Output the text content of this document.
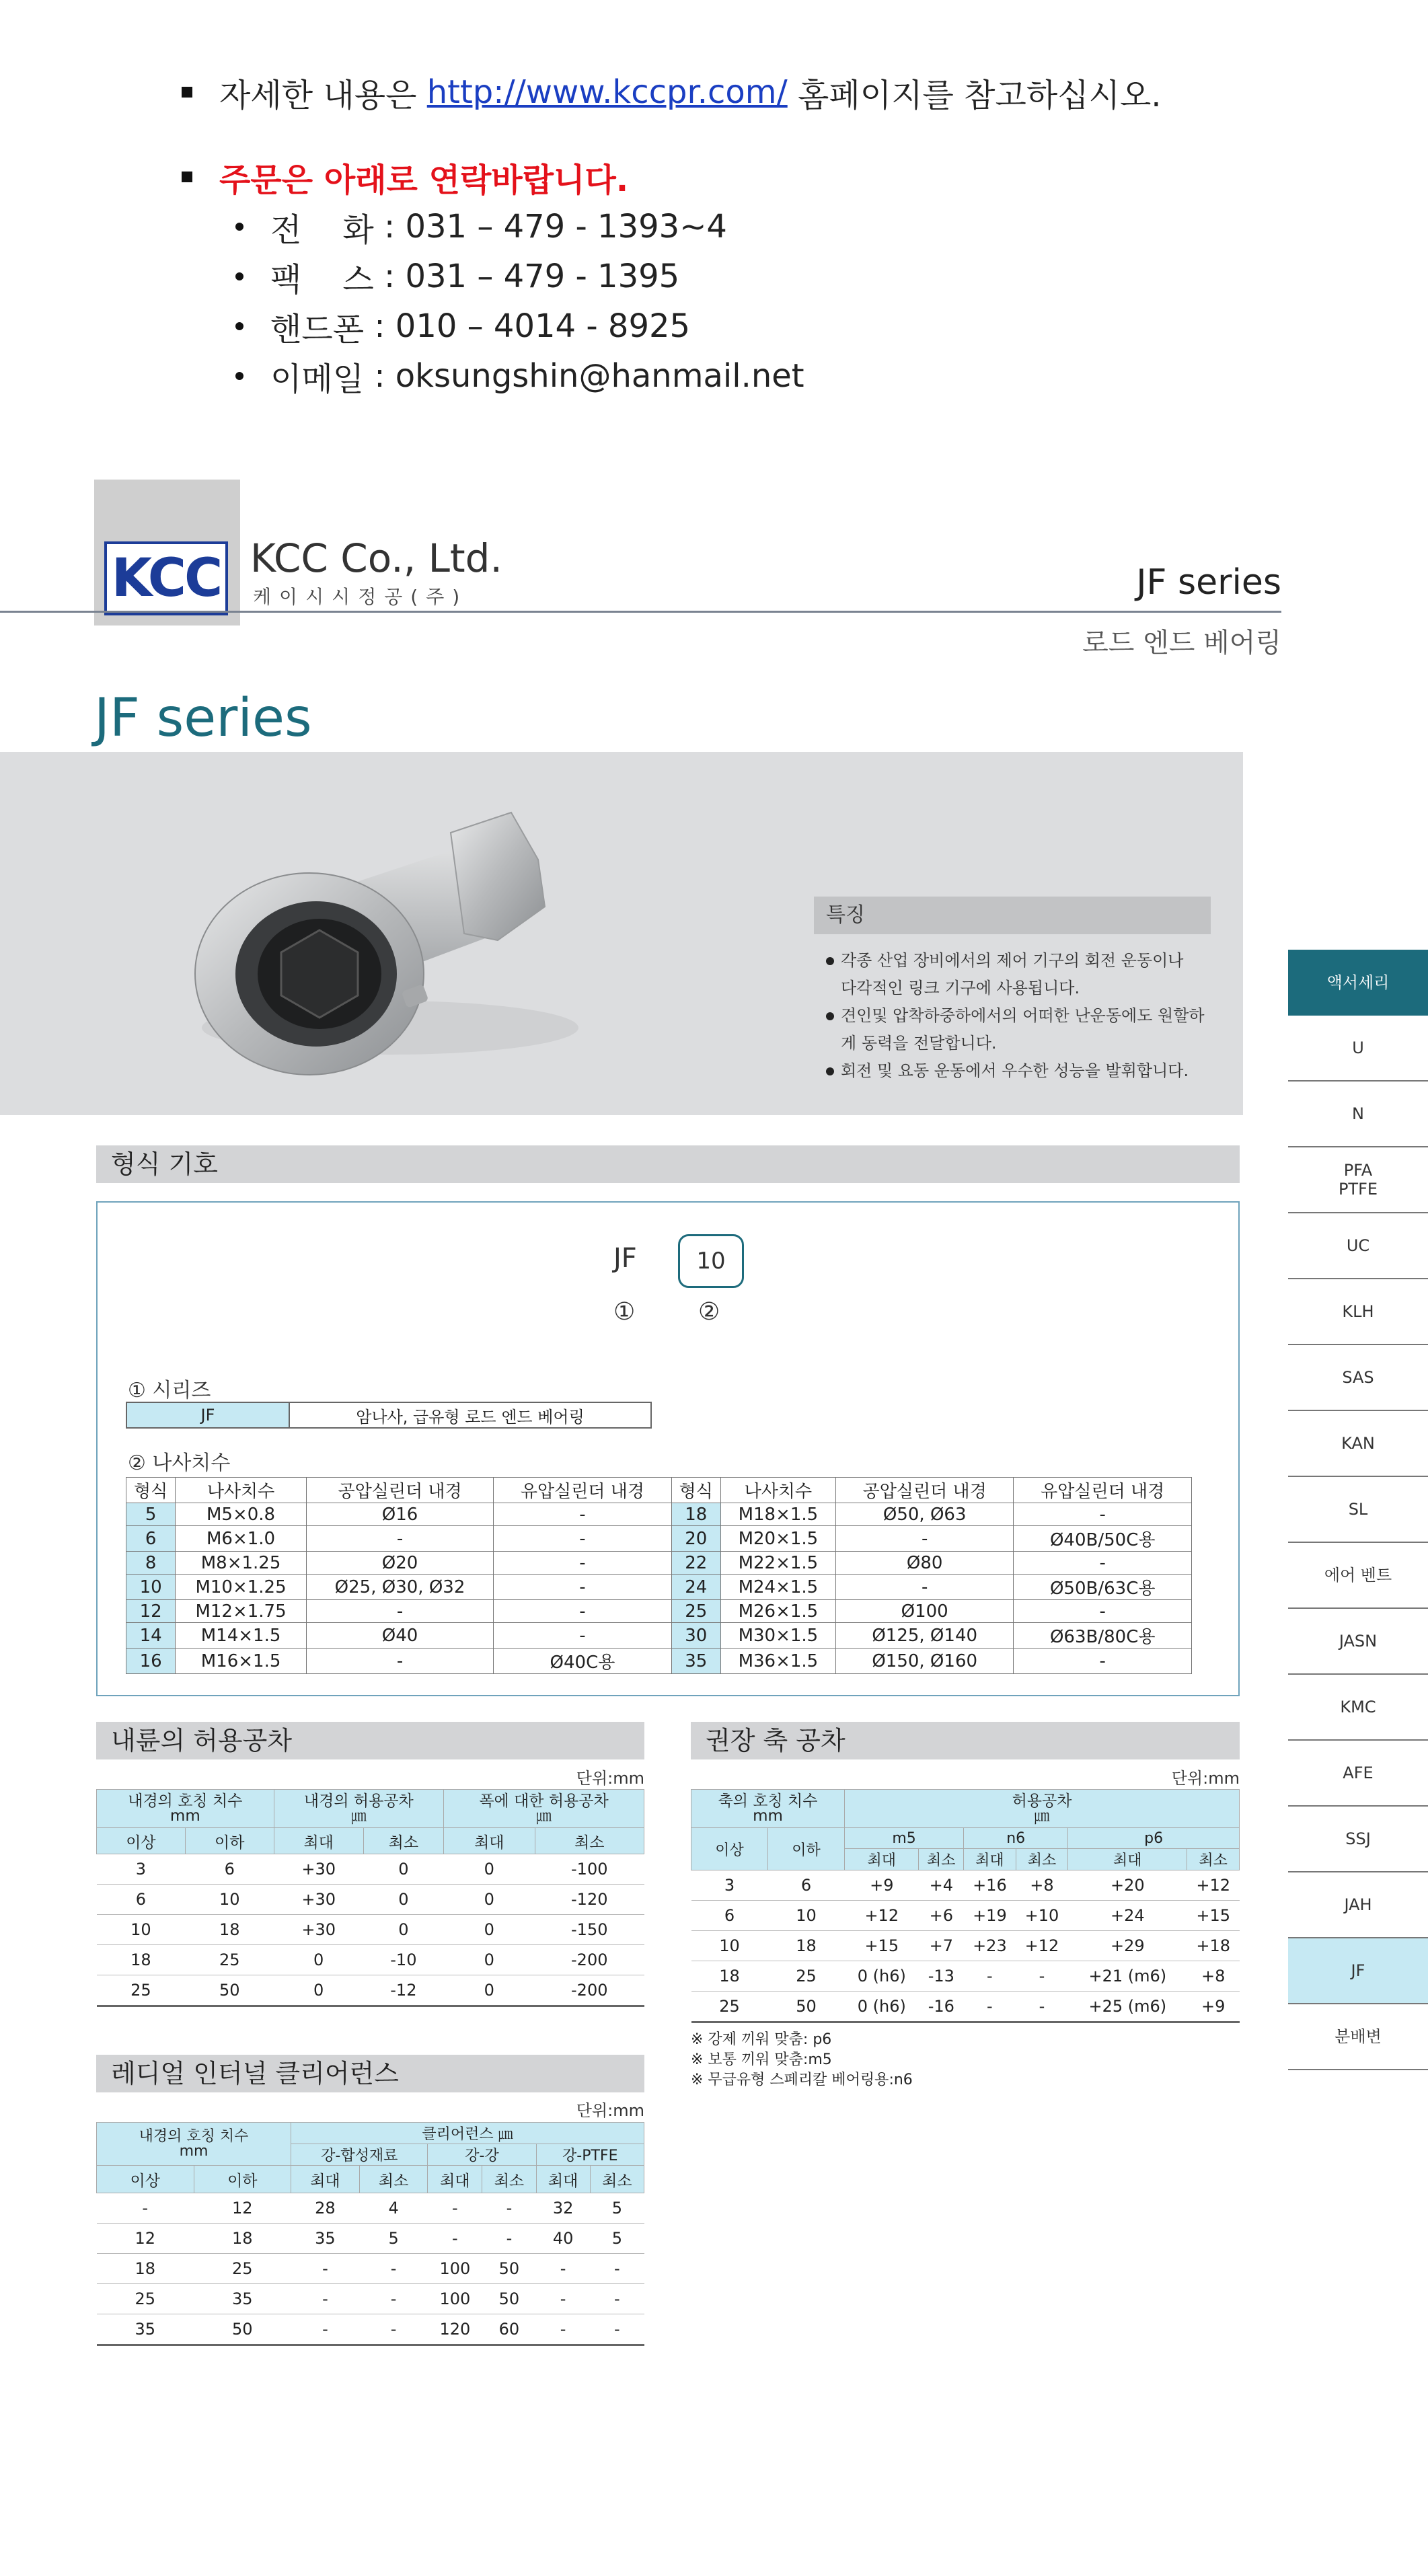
자세한 내용은
http://www.kccpr.com/
홈페이지를 참고하십시오.
주문은 아래로 연락바랍니다.
전    화 : 031 – 479 - 1393~4
팩    스 : 031 – 479 - 1395
핸드폰 : 010 – 4014 - 8925
이메일 : oksungshin@hanmail.net
KCC KCC Co., Ltd.
케이시시정공(주)	JF series
로드 엔드 베어링
JF series
특징
각종 산업 장비에서의 제어 기구의 회전 운동이나
다각적인 링크 기구에 사용됩니다.
견인및 압착하중하에서의 어떠한 난운동에도 원할하
게 동력을 전달합니다.
회전 및 요동 운동에서 우수한 성능을 발휘합니다.
형식 기호
JF	10
①	②
① 시리즈
JF	암나사, 급유형 로드 엔드 베어링
② 나사치수
형식	나사치수	공압실린더 내경	유압실린더 내경	형식	나사치수	공압실린더 내경	유압실린더 내경
5	M5×0.8	Ø16	-	18	M18×1.5	Ø50, Ø63	-
6	M6×1.0	-	-	20	M20×1.5	-	Ø40B/50C용
8	M8×1.25	Ø20	-	22	M22×1.5	Ø80	-
10	M10×1.25	Ø25, Ø30, Ø32	-	24	M24×1.5	-	Ø50B/63C용
12	M12×1.75	-	-	25	M26×1.5	Ø100	-
14	M14×1.5	Ø40	-	30	M30×1.5	Ø125, Ø140	Ø63B/80C용
16	M16×1.5	-	Ø40C용	35	M36×1.5	Ø150, Ø160	-
내륜의 허용공차
단위:mm
내경의 호칭 치수
mm		내경의 허용공차
㎛		폭에 대한 허용공차
㎛	
이상	이하	최대	최소	최대	최소
3	6	+30	0	0	-100
6	10	+30	0	0	-120
10	18	+30	0	0	-150
18	25	0	-10	0	-200
25	50	0	-12	0	-200
권장 축 공차
단위:mm
축의 호칭 치수
mm		허용공차
㎛					
이상	이하	m5		n6		p6	
		최대	최소	최대	최소	최대	최소
3	6	+9	+4	+16	+8	+20	+12
6	10	+12	+6	+19	+10	+24	+15
10	18	+15	+7	+23	+12	+29	+18
18	25	0 (h6)	-13	-	-	+21 (m6)	+8
25	50	0 (h6)	-16	-	-	+25 (m6)	+9
※ 강제 끼워 맞춤: p6
※ 보통 끼워 맞춤:m5
※ 무급유형 스페리칼 베어링용:n6
레디얼 인터널 클리어런스
단위:mm
내경의 호칭 치수
mm		클리어런스 ㎛					
		강-합성재료		강-강		강-PTFE	
이상	이하	최대	최소	최대	최소	최대	최소
-	12	28	4	-	-	32	5
12	18	35	5	-	-	40	5
18	25	-	-	100	50	-	-
25	35	-	-	100	50	-	-
35	50	-	-	120	60	-	-
액서세리
U
N
PFA
PTFE
UC
KLH
SAS
KAN
SL
에어 벤트
JASN
KMC
AFE
SSJ
JAH
JF
분배변
